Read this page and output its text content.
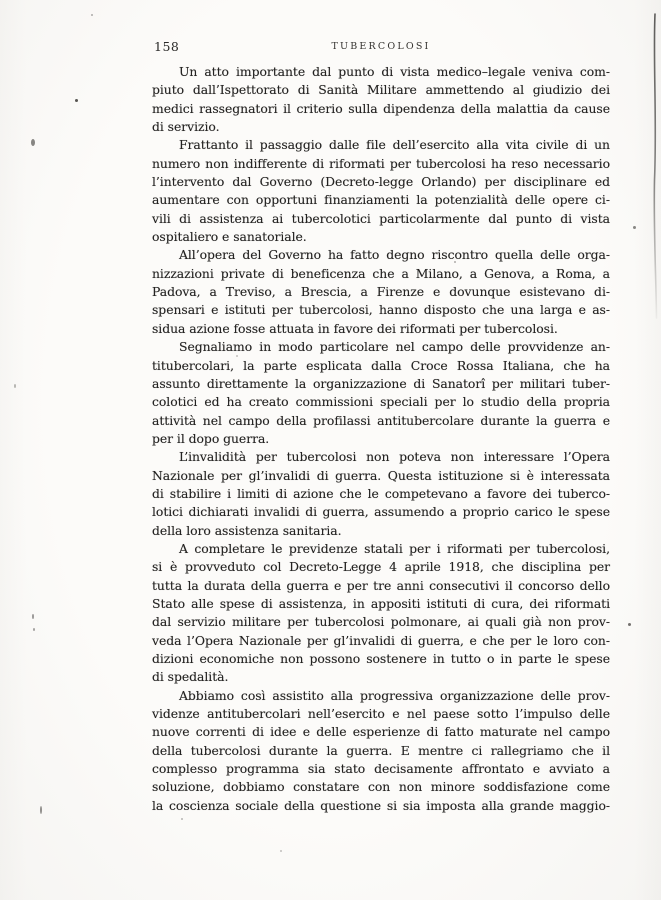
158	TUBERCOLOSI
Un atto importante dal punto di vista medico–legale veniva com-
piuto dall’Ispettorato di Sanità Militare ammettendo al giudizio dei
medici rassegnatori il criterio sulla dipendenza della malattia da cause
di servizio.
Frattanto il passaggio dalle file dell’esercito alla vita civile di un
numero non indifferente di riformati per tubercolosi ha reso necessario
l’intervento dal Governo (Decreto-legge Orlando) per disciplinare ed
aumentare con opportuni finanziamenti la potenzialità delle opere ci-
vili di assistenza ai tubercolotici particolarmente dal punto di vista
ospitaliero e sanatoriale.
All’opera del Governo ha fatto degno riscontro quella delle orga-
nizzazioni private di beneficenza che a Milano, a Genova, a Roma, a
Padova, a Treviso, a Brescia, a Firenze e dovunque esistevano di-
spensari e istituti per tubercolosi, hanno disposto che una larga e as-
sidua azione fosse attuata in favore dei riformati per tubercolosi.
Segnaliamo in modo particolare nel campo delle provvidenze an-
titubercolari, la parte esplicata dalla Croce Rossa Italiana, che ha
assunto direttamente la organizzazione di Sanatorî per militari tuber-
colotici ed ha creato commissioni speciali per lo studio della propria
attività nel campo della profilassi antitubercolare durante la guerra e
per il dopo guerra.
L’invalidità per tubercolosi non poteva non interessare l’Opera
Nazionale per gl’invalidi di guerra. Questa istituzione si è interessata
di stabilire i limiti di azione che le competevano a favore dei tuberco-
lotici dichiarati invalidi di guerra, assumendo a proprio carico le spese
della loro assistenza sanitaria.
A completare le previdenze statali per i riformati per tubercolosi,
si è provveduto col Decreto-Legge 4 aprile 1918, che disciplina per
tutta la durata della guerra e per tre anni consecutivi il concorso dello
Stato alle spese di assistenza, in appositi istituti di cura, dei riformati
dal servizio militare per tubercolosi polmonare, ai quali già non prov-
veda l’Opera Nazionale per gl’invalidi di guerra, e che per le loro con-
dizioni economiche non possono sostenere in tutto o in parte le spese
di spedalità.
Abbiamo così assistito alla progressiva organizzazione delle prov-
videnze antitubercolari nell’esercito e nel paese sotto l’impulso delle
nuove correnti di idee e delle esperienze di fatto maturate nel campo
della tubercolosi durante la guerra. E mentre ci rallegriamo che il
complesso programma sia stato decisamente affrontato e avviato a
soluzione, dobbiamo constatare con non minore soddisfazione come
la coscienza sociale della questione si sia imposta alla grande maggio-
